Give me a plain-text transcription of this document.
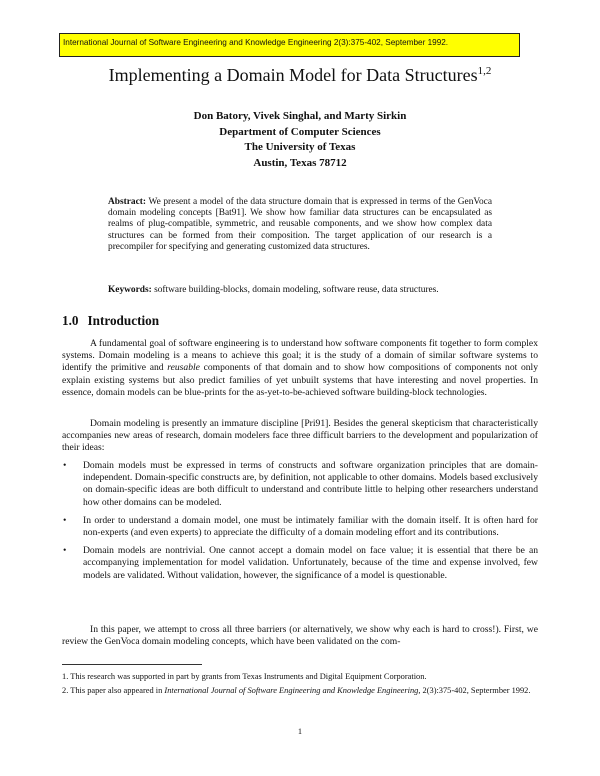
International Journal of Software Engineering and Knowledge Engineering 2(3):375-402, September 1992.
Implementing a Domain Model for Data Structures$^{1,2}$
Don Batory, Vivek Singhal, and Marty Sirkin
Department of Computer Sciences
The University of Texas
Austin, Texas 78712
Abstract: We present a model of the data structure domain that is expressed in terms of the GenVoca domain modeling concepts [Bat91]. We show how familiar data structures can be encapsulated as realms of plug-compatible, symmetric, and reusable components, and we show how complex data structures can be formed from their composition. The target application of our research is a precompiler for specifying and generating customized data structures.
Keywords: software building-blocks, domain modeling, software reuse, data structures.
1.0 Introduction

A fundamental goal of software engineering is to understand how software components fit together to form complex systems. Domain modeling is a means to achieve this goal; it is the study of a domain of similar software systems to identify the primitive and reusable components of that domain and to show how compositions of components not only explain existing systems but also predict families of yet unbuilt systems that have interesting and novel properties. In essence, domain models can be blue-prints for the as-yet-to-be-achieved software building-block technologies.

Domain modeling is presently an immature discipline [Pri91]. Besides the general skepticism that characteristically accompanies new areas of research, domain modelers face three difficult barriers to the development and popularization of their ideas:

• Domain models must be expressed in terms of constructs and software organization principles that are domain-independent. Domain-specific constructs are, by definition, not applicable to other domains. Models based exclusively on domain-specific ideas are both difficult to understand and contribute little to helping other researchers understand how other domains can be modeled.
• In order to understand a domain model, one must be intimately familiar with the domain itself. It is often hard for non-experts (and even experts) to appreciate the difficulty of a domain modeling effort and its contributions.
• Domain models are nontrivial. One cannot accept a domain model on face value; it is essential that there be an accompanying implementation for model validation. Unfortunately, because of the time and expense involved, few models are validated. Without validation, however, the significance of a model is questionable.

In this paper, we attempt to cross all three barriers (or alternatively, we show why each is hard to cross!). First, we review the GenVoca domain modeling concepts, which have been validated on the com-

1. This research was supported in part by grants from Texas Instruments and Digital Equipment Corporation.
2. This paper also appeared in International Journal of Software Engineering and Knowledge Engineering, 2(3):375-402, Septermber 1992.
1
